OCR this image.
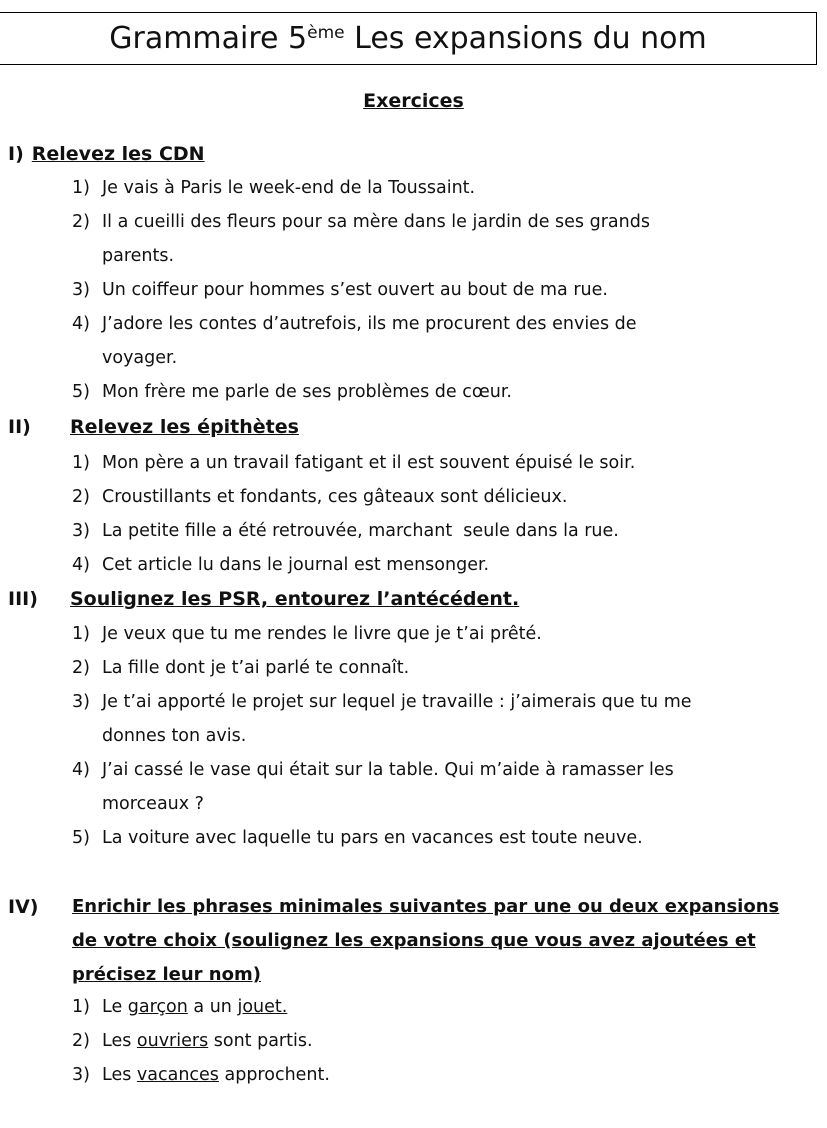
Grammaire 5ème Les expansions du nom
Exercices
I) Relevez les CDN
1) Je vais à Paris le week-end de la Toussaint.
2) Il a cueilli des fleurs pour sa mère dans le jardin de ses grands
parents.
3) Un coiffeur pour hommes s’est ouvert au bout de ma rue.
4) J’adore les contes d’autrefois, ils me procurent des envies de
voyager.
5) Mon frère me parle de ses problèmes de cœur.
II) Relevez les épithètes
1) Mon père a un travail fatigant et il est souvent épuisé le soir.
2) Croustillants et fondants, ces gâteaux sont délicieux.
3) La petite fille a été retrouvée, marchant  seule dans la rue.
4) Cet article lu dans le journal est mensonger.
III) Soulignez les PSR, entourez l’antécédent.
1) Je veux que tu me rendes le livre que je t’ai prêté.
2) La fille dont je t’ai parlé te connaît.
3) Je t’ai apporté le projet sur lequel je travaille : j’aimerais que tu me
donnes ton avis.
4) J’ai cassé le vase qui était sur la table. Qui m’aide à ramasser les
morceaux ?
5) La voiture avec laquelle tu pars en vacances est toute neuve.
IV) Enrichir les phrases minimales suivantes par une ou deux expansions
de votre choix (soulignez les expansions que vous avez ajoutées et
précisez leur nom)
1) Le garçon a un jouet.
2) Les ouvriers sont partis.
3) Les vacances approchent.
